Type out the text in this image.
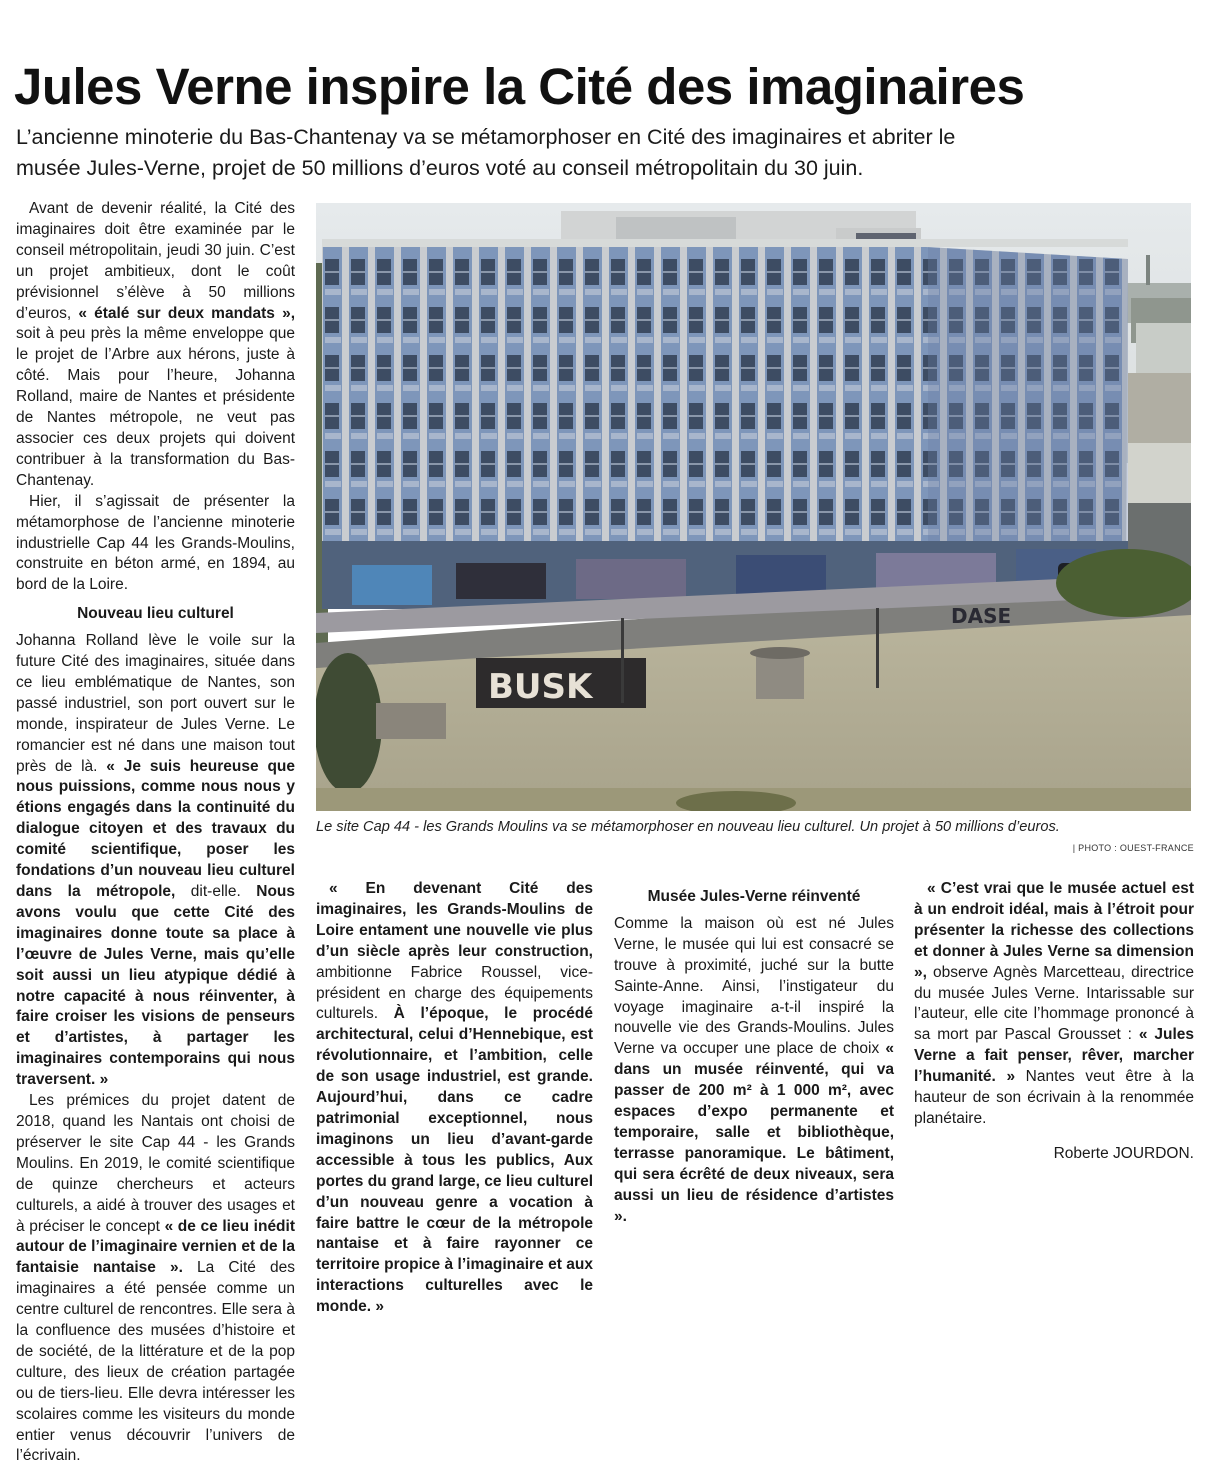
Jules Verne inspire la Cité des imaginaires

L’ancienne minoterie du Bas-Chantenay va se métamorphoser en Cité des imaginaires et abriter le musée Jules-Verne, projet de 50 millions d’euros voté au conseil métropolitain du 30 juin.

Avant de devenir réalité, la Cité des imaginaires doit être examinée par le conseil métropolitain, jeudi 30 juin. C’est un projet ambitieux, dont le coût prévisionnel s’élève à 50 millions d’euros, « étalé sur deux mandats », soit à peu près la même enveloppe que le projet de l’Arbre aux hérons, juste à côté. Mais pour l’heure, Johanna Rolland, maire de Nantes et présidente de Nantes métropole, ne veut pas associer ces deux projets qui doivent contribuer à la transformation du Bas-Chantenay.

Hier, il s’agissait de présenter la métamorphose de l’ancienne minoterie industrielle Cap 44 les Grands-Moulins, construite en béton armé, en 1894, au bord de la Loire.

Nouveau lieu culturel

Johanna Rolland lève le voile sur la future Cité des imaginaires, située dans ce lieu emblématique de Nantes, son passé industriel, son port ouvert sur le monde, inspirateur de Jules Verne. Le romancier est né dans une maison tout près de là. « Je suis heureuse que nous puissions, comme nous nous y étions engagés dans la continuité du dialogue citoyen et des travaux du comité scientifique, poser les fondations d’un nouveau lieu culturel dans la métropole, dit-elle. Nous avons voulu que cette Cité des imaginaires donne toute sa place à l’œuvre de Jules Verne, mais qu’elle soit aussi un lieu atypique dédié à notre capacité à nous réinventer, à faire croiser les visions de penseurs et d’artistes, à partager les imaginaires contemporains qui nous traversent. »

Les prémices du projet datent de 2018, quand les Nantais ont choisi de préserver le site Cap 44 - les Grands Moulins. En 2019, le comité scientifique de quinze chercheurs et acteurs culturels, a aidé à trouver des usages et à préciser le concept « de ce lieu inédit autour de l’imaginaire vernien et de la fantaisie nantaise ». La Cité des imaginaires a été pensée comme un centre culturel de rencontres. Elle sera à la confluence des musées d’histoire et de société, de la littérature et de la pop culture, des lieux de création partagée ou de tiers-lieu. Elle devra intéresser les scolaires comme les visiteurs du monde entier venus découvrir l’univers de l’écrivain.

BUSK
DASE
Le site Cap 44 - les Grands Moulins va se métamorphoser en nouveau lieu culturel. Un projet à 50 millions d’euros.
| PHOTO : OUEST-FRANCE

« En devenant Cité des imaginaires, les Grands-Moulins de Loire entament une nouvelle vie plus d’un siècle après leur construction, ambitionne Fabrice Roussel, vice-président en charge des équipements culturels. À l’époque, le procédé architectural, celui d’Hennebique, est révolutionnaire, et l’ambition, celle de son usage industriel, est grande. Aujourd’hui, dans ce cadre patrimonial exceptionnel, nous imaginons un lieu d’avant-garde accessible à tous les publics, Aux portes du grand large, ce lieu culturel d’un nouveau genre a vocation à faire battre le cœur de la métropole nantaise et à faire rayonner ce territoire propice à l’imaginaire et aux interactions culturelles avec le monde. »

Musée Jules-Verne réinventé

Comme la maison où est né Jules Verne, le musée qui lui est consacré se trouve à proximité, juché sur la butte Sainte-Anne. Ainsi, l’instigateur du voyage imaginaire a-t-il inspiré la nouvelle vie des Grands-Moulins. Jules Verne va occuper une place de choix « dans un musée réinventé, qui va passer de 200 m² à 1 000 m², avec espaces d’expo permanente et temporaire, salle et bibliothèque, terrasse panoramique. Le bâtiment, qui sera écrêté de deux niveaux, sera aussi un lieu de résidence d’artistes ».

« C’est vrai que le musée actuel est à un endroit idéal, mais à l’étroit pour présenter la richesse des collections et donner à Jules Verne sa dimension », observe Agnès Marcetteau, directrice du musée Jules Verne. Intarissable sur l’auteur, elle cite l’hommage prononcé à sa mort par Pascal Grousset : « Jules Verne a fait penser, rêver, marcher l’humanité. » Nantes veut être à la hauteur de son écrivain à la renommée planétaire.

Roberte JOURDON.
